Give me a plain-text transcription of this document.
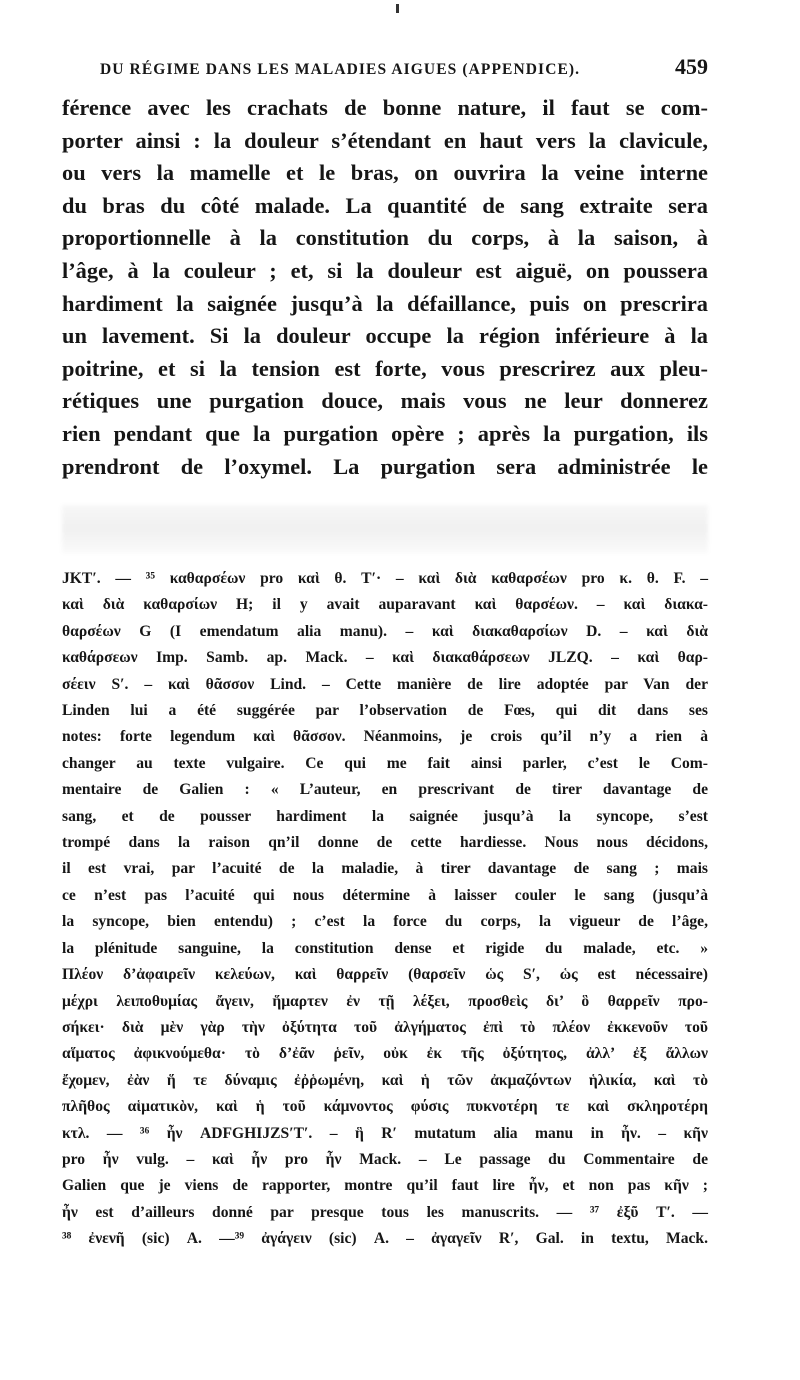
DU RÉGIME DANS LES MALADIES AIGUES (APPENDICE).	459
férence avec les crachats de bonne nature, il faut se com-
porter ainsi : la douleur s’étendant en haut vers la clavicule,
ou vers la mamelle et le bras, on ouvrira la veine interne
du bras du côté malade. La quantité de sang extraite sera
proportionnelle à la constitution du corps, à la saison, à
l’âge, à la couleur ; et, si la douleur est aiguë, on poussera
hardiment la saignée jusqu’à la défaillance, puis on prescrira
un lavement. Si la douleur occupe la région inférieure à la
poitrine, et si la tension est forte, vous prescrirez aux pleu-
rétiques une purgation douce, mais vous ne leur donnerez
rien pendant que la purgation opère ; après la purgation, ils
prendront de l’oxymel. La purgation sera administrée le
JKT′. — ³⁵ καθαρσέων pro καὶ θ. T′· – καὶ διὰ καθαρσέων pro κ. θ. F. –
καὶ διὰ καθαρσίων H; il y avait auparavant καὶ θαρσέων. – καὶ διακα-
θαρσέων G (I emendatum alia manu). – καὶ διακαθαρσίων D. – καὶ διὰ
καθάρσεων Imp. Samb. ap. Mack. – καὶ διακαθάρσεων JLZQ. – καὶ θαρ-
σέειν S′. – καὶ θᾶσσον Lind. – Cette manière de lire adoptée par Van der
Linden lui a été suggérée par l’observation de Fœs, qui dit dans ses
notes: forte legendum καὶ θᾶσσον. Néanmoins, je crois qu’il n’y a rien à
changer au texte vulgaire. Ce qui me fait ainsi parler, c’est le Com-
mentaire de Galien : « L’auteur, en prescrivant de tirer davantage de
sang, et de pousser hardiment la saignée jusqu’à la syncope, s’est
trompé dans la raison qn’il donne de cette hardiesse. Nous nous décidons,
il est vrai, par l’acuité de la maladie, à tirer davantage de sang ; mais
ce n’est pas l’acuité qui nous détermine à laisser couler le sang (jusqu’à
la syncope, bien entendu) ; c’est la force du corps, la vigueur de l’âge,
la plénitude sanguine, la constitution dense et rigide du malade, etc. »
Πλέον δ’ἀφαιρεῖν κελεύων, καὶ θαρρεῖν (θαρσεῖν ὡς S′, ὡς est nécessaire)
μέχρι λειποθυμίας ἄγειν, ἥμαρτεν ἐν τῇ λέξει, προσθεὶς δι’ ὃ θαρρεῖν προ-
σήκει· διὰ μὲν γὰρ τὴν ὀξύτητα τοῦ ἀλγήματος ἐπὶ τὸ πλέον ἐκκενοῦν τοῦ
αἵματος ἀφικνούμεθα· τὸ δ’ἐᾶν ῥεῖν, οὐκ ἐκ τῆς ὀξύτητος, ἀλλ’ ἐξ ἄλλων
ἔχομεν, ἐὰν ἥ τε δύναμις ἐῤῥωμένη, καὶ ἡ τῶν ἀκμαζόντων ἡλικία, καὶ τὸ
πλῆθος αἱματικὸν, καὶ ἡ τοῦ κάμνοντος φύσις πυκνοτέρη τε καὶ σκληροτέρη
κτλ. — ³⁶ ἦν ADFGHIJZS′T′. – ἣ R′ mutatum alia manu in ἦν. – κῆν
pro ἦν vulg. – καὶ ἦν pro ἦν Mack. – Le passage du Commentaire de
Galien que je viens de rapporter, montre qu’il faut lire ἦν, et non pas κῆν ;
ἦν est d’ailleurs donné par presque tous les manuscrits. — ³⁷ ἐξῦ T′. —
³⁸ ἐνενῆ (sic) A. —³⁹ ἀγάγειν (sic) A. – ἀγαγεῖν R′, Gal. in textu, Mack.
